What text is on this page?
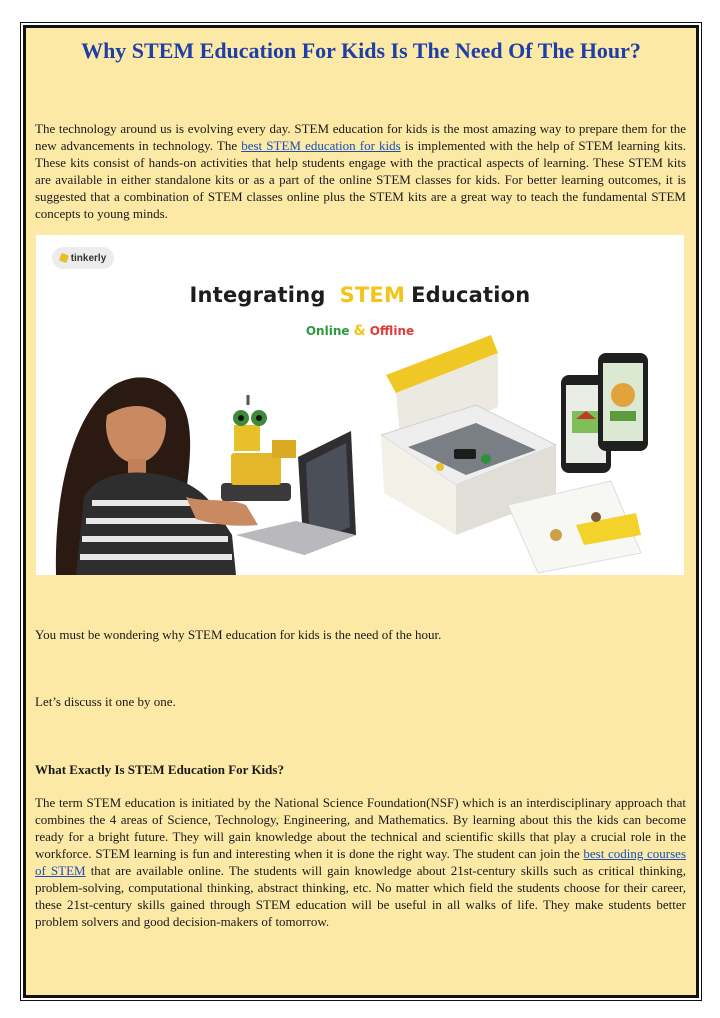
Why STEM Education For Kids Is The Need Of The Hour?

The technology around us is evolving every day. STEM education for kids is the most amazing way to prepare them for the new advancements in technology. The best STEM education for kids is implemented with the help of STEM learning kits. These kits consist of hands-on activities that help students engage with the practical aspects of learning. These STEM kits are available in either standalone kits or as a part of the online STEM classes for kids. For better learning outcomes, it is suggested that a combination of STEM classes online plus the STEM kits are a great way to teach the fundamental STEM concepts to young minds.

tinkerly
Integrating STEM Education
Online & Offline
You must be wondering why STEM education for kids is the need of the hour.
Let’s discuss it one by one.
What Exactly Is STEM Education For Kids?

The term STEM education is initiated by the National Science Foundation(NSF) which is an interdisciplinary approach that combines the 4 areas of Science, Technology, Engineering, and Mathematics. By learning about this the kids can become ready for a bright future. They will gain knowledge about the technical and scientific skills that play a crucial role in the workforce. STEM learning is fun and interesting when it is done the right way. The student can join the best coding courses of STEM that are available online. The students will gain knowledge about 21st-century skills such as critical thinking, problem-solving, computational thinking, abstract thinking, etc. No matter which field the students choose for their career, these 21st-century skills gained through STEM education will be useful in all walks of life. They make students better problem solvers and good decision-makers of tomorrow.
